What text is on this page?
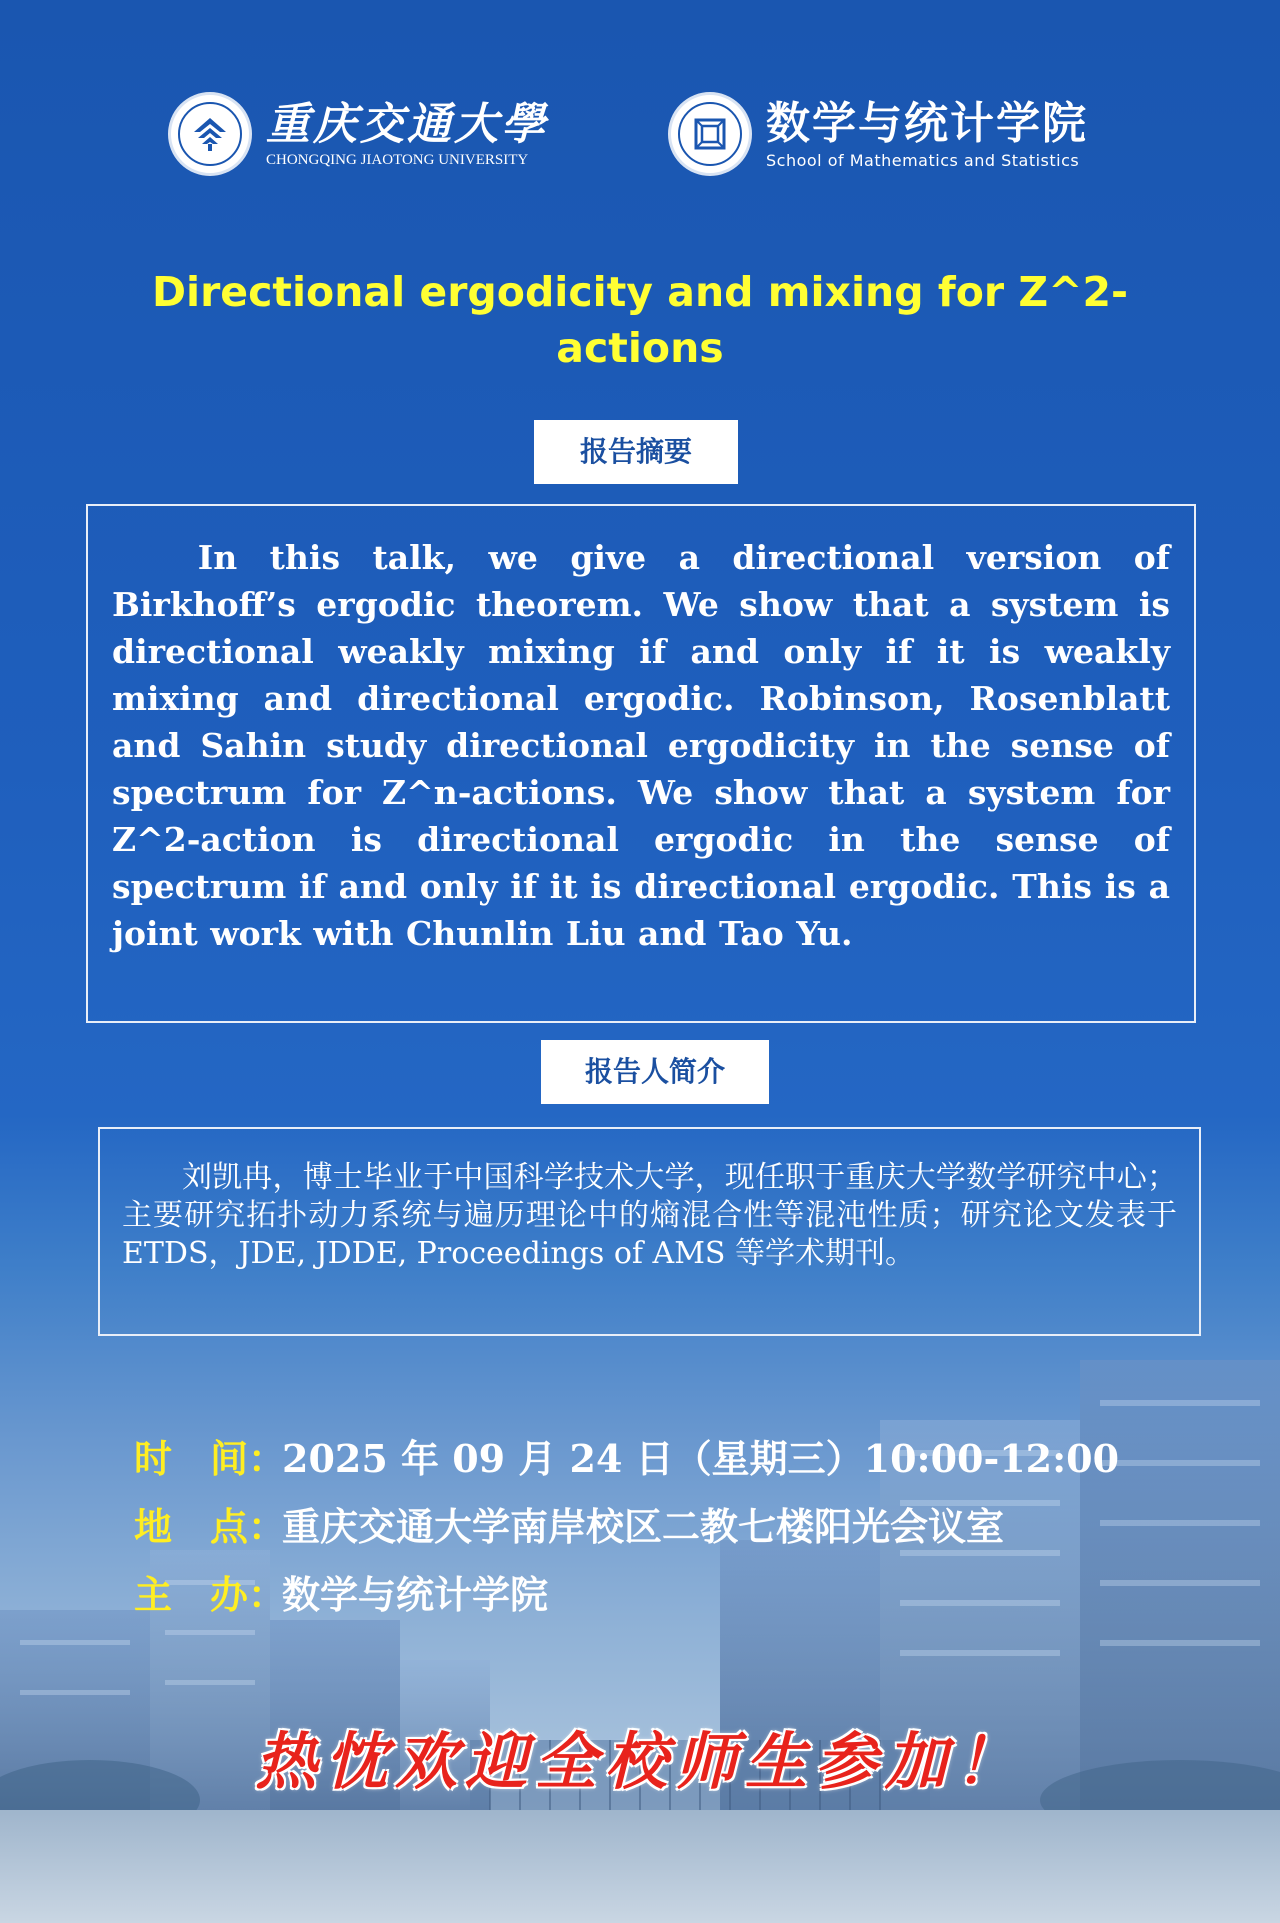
重庆交通大學
CHONGQING JIAOTONG UNIVERSITY
数学与统计学院
School of Mathematics and Statistics
Directional ergodicity and mixing for Z^2-actions
报告摘要

In this talk, we give a directional version of Birkhoff’s ergodic theorem. We show that a system is directional weakly mixing if and only if it is weakly mixing and directional ergodic. Robinson, Rosenblatt and Sahin study directional ergodicity in the sense of spectrum for Z^n-actions. We show that a system for Z^2-action is directional ergodic in the sense of spectrum if and only if it is directional ergodic. This is a joint work with Chunlin Liu and Tao Yu.

报告人简介

刘凯冉，博士毕业于中国科学技术大学，现任职于重庆大学数学研究中心；主要研究拓扑动力系统与遍历理论中的熵混合性等混沌性质；研究论文发表于 ETDS，JDE, JDDE, Proceedings of AMS 等学术期刊。

时　间：
2025 年 09 月 24 日（星期三）10:00-12:00
地　点：
重庆交通大学南岸校区二教七楼阳光会议室
主　办：
数学与统计学院
热忱欢迎全校师生参加！
